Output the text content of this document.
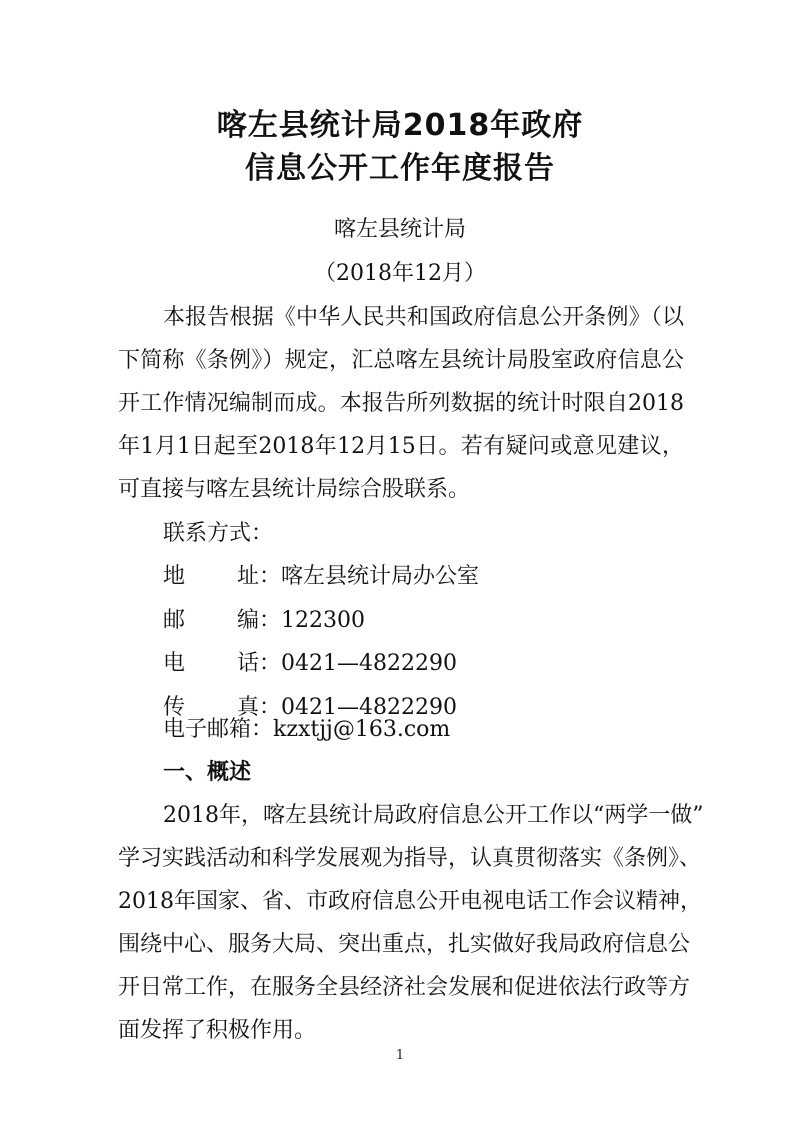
喀左县统计局2018年政府
信息公开工作年度报告
喀左县统计局
（2018年12月）
本报告根据《中华人民共和国政府信息公开条例》（以
下简称《条例》）规定，汇总喀左县统计局股室政府信息公
开工作情况编制而成。本报告所列数据的统计时限自2018
年1月1日起至2018年12月15日。若有疑问或意见建议，
可直接与喀左县统计局综合股联系。
联系方式：
地址：喀左县统计局办公室
邮编：122300
电话：0421—4822290
传真：0421—4822290
电子邮箱：kzxtjj@163.com
一、概述
2018年，喀左县统计局政府信息公开工作以“两学一做”
学习实践活动和科学发展观为指导，认真贯彻落实《条例》、
2018年国家、省、市政府信息公开电视电话工作会议精神，
围绕中心、服务大局、突出重点，扎实做好我局政府信息公
开日常工作，在服务全县经济社会发展和促进依法行政等方
面发挥了积极作用。
1
